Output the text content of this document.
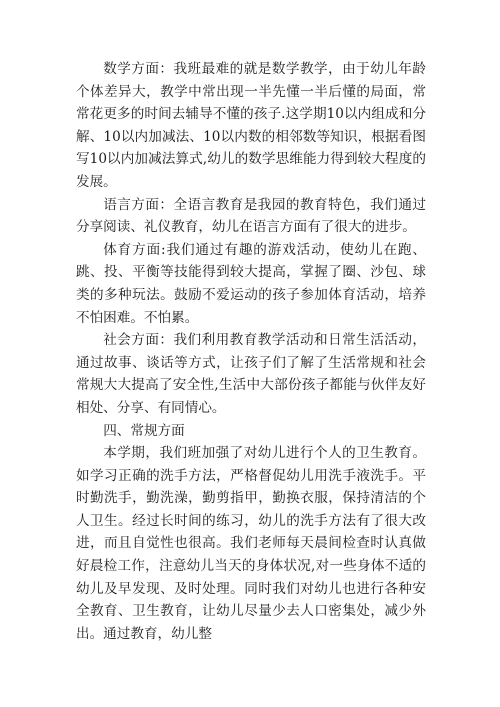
数学方面：我班最难的就是数学教学，由于幼儿年龄个体差异大，教学中常出现一半先懂一半后懂的局面，常常花更多的时间去辅导不懂的孩子.这学期10以内组成和分解、10以内加减法、10以内数的相邻数等知识，根据看图写10以内加减法算式,幼儿的数学思维能力得到较大程度的发展。

语言方面：全语言教育是我园的教育特色，我们通过分享阅读、礼仪教育，幼儿在语言方面有了很大的进步。

体育方面:我们通过有趣的游戏活动，使幼儿在跑、跳、投、平衡等技能得到较大提高，掌握了圈、沙包、球类的多种玩法。鼓励不爱运动的孩子参加体育活动，培养不怕困难。不怕累。

社会方面：我们利用教育教学活动和日常生活活动，通过故事、谈话等方式，让孩子们了解了生活常规和社会常规大大提高了安全性,生活中大部份孩子都能与伙伴友好相处、分享、有同情心。

四、常规方面

本学期，我们班加强了对幼儿进行个人的卫生教育。如学习正确的洗手方法，严格督促幼儿用洗手液洗手。平时勤洗手，勤洗澡，勤剪指甲，勤换衣服，保持清洁的个人卫生。经过长时间的练习，幼儿的洗手方法有了很大改进，而且自觉性也很高。我们老师每天晨间检查时认真做好晨检工作，注意幼儿当天的身体状况,对一些身体不适的幼儿及早发现、及时处理。同时我们对幼儿也进行各种安全教育、卫生教育，让幼儿尽量少去人口密集处，减少外出。通过教育，幼儿整
